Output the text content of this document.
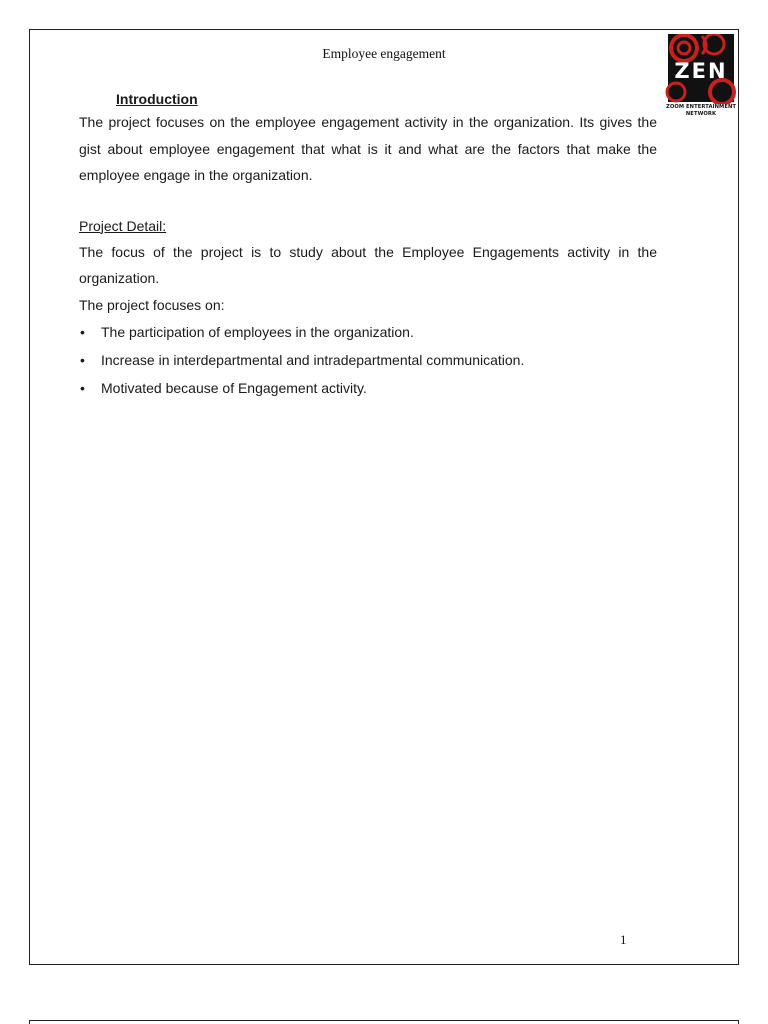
Employee engagement
ZEN
ZOOM ENTERTAINMENT
NETWORK
Introduction

The project focuses on the employee engagement activity in the organization. Its gives the gist about employee engagement that what is it and what are the factors that make the employee engage in the organization.

Project Detail:

The focus of the project is to study about the Employee Engagements activity in the organization.

The project focuses on:

• The participation of employees in the organization.
• Increase in interdepartmental and intradepartmental communication.
• Motivated because of Engagement activity.
1
